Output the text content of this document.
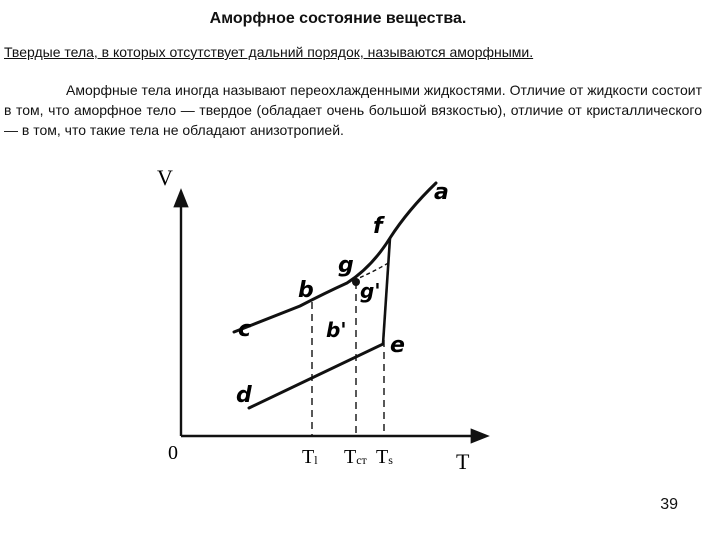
Аморфное состояние вещества.
Твердые тела, в которых отсутствует дальний порядок, называются аморфными.
Аморфные тела иногда называют переохлажденными жидкостями. Отличие от жидкости состоит в том, что аморфное тело — твердое (обладает очень большой вязкостью), отличие от кристаллического — в том, что такие тела не обладают анизотропией.
V
T
0	Tl Tст Ts
a
f
g
g'
b
b'
c
e
d
39
